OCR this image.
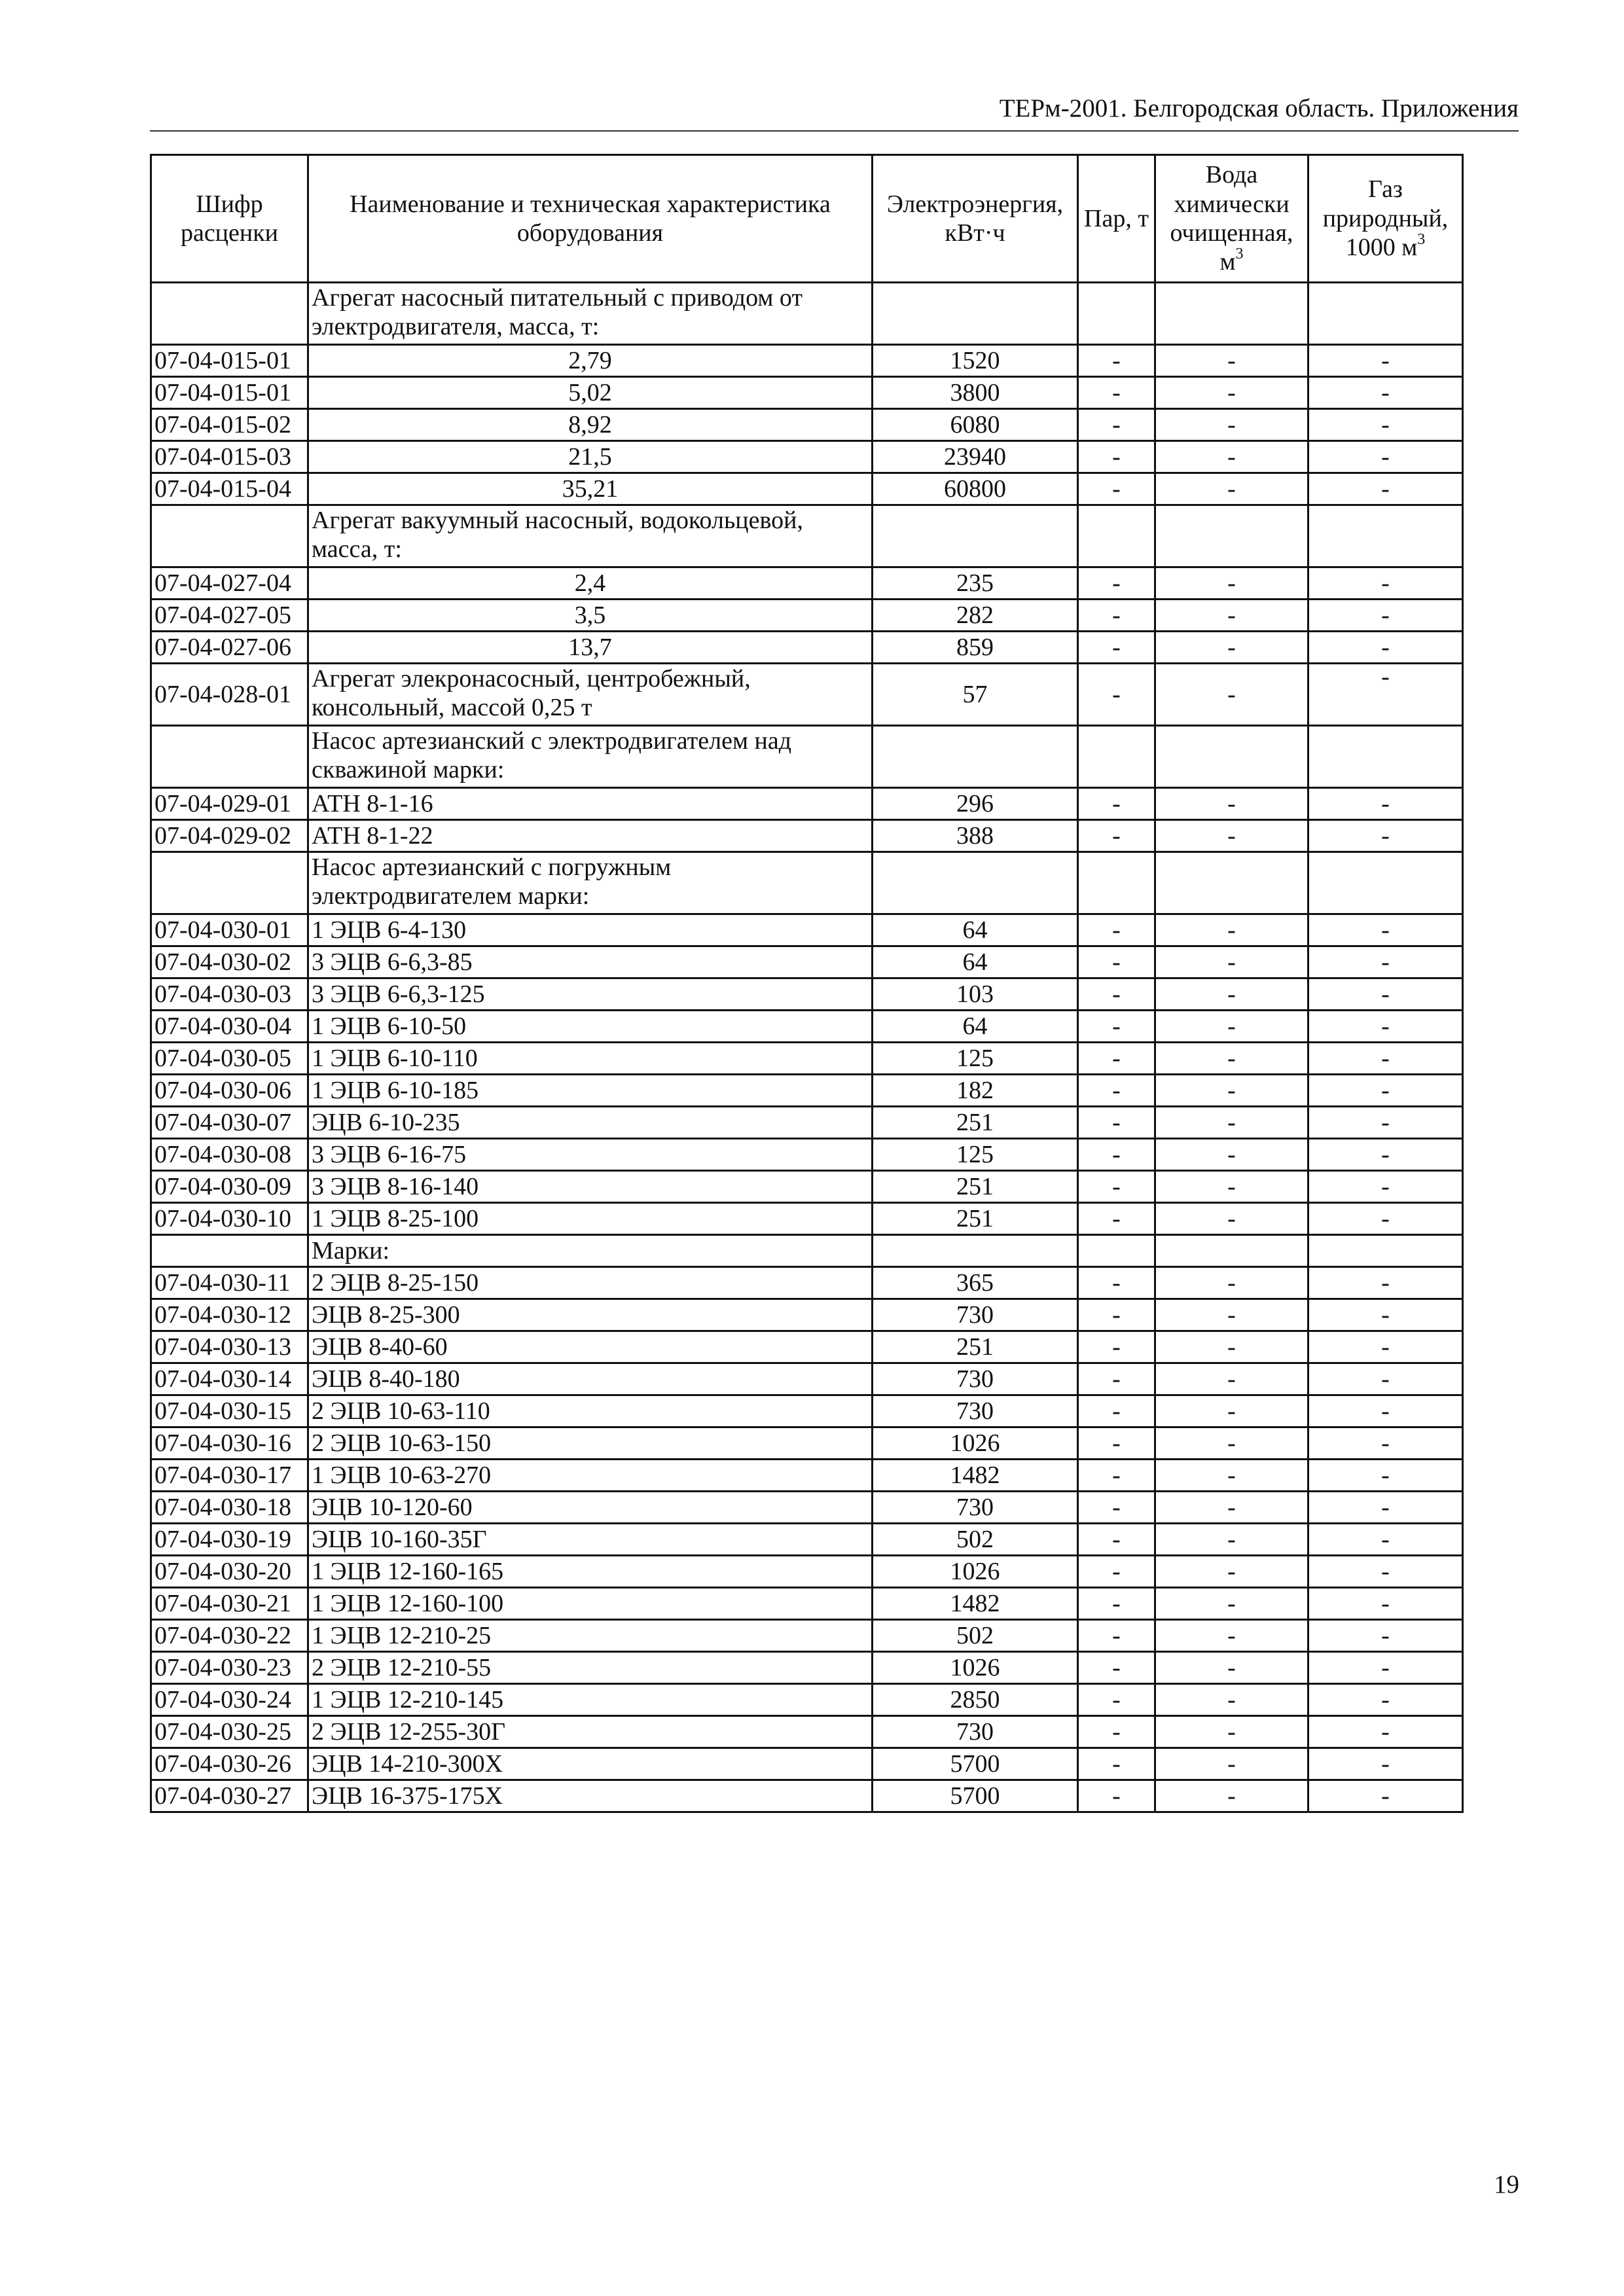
ТЕРм-2001. Белгородская область. Приложения
Шифр расценки	Наименование и техническая характеристика оборудования	Электроэнергия, кВт·ч	Пар, т	Вода химически очищенная, $м^3$	Газ природный, 1000 $м^3$
	Агрегат насосный питательный с приводом от электродвигателя, масса, т:				
07-04-015-01	2,79	1520	-	-	-
07-04-015-01	5,02	3800	-	-	-
07-04-015-02	8,92	6080	-	-	-
07-04-015-03	21,5	23940	-	-	-
07-04-015-04	35,21	60800	-	-	-
	Агрегат вакуумный насосный, водокольцевой, масса, т:				
07-04-027-04	2,4	235	-	-	-
07-04-027-05	3,5	282	-	-	-
07-04-027-06	13,7	859	-	-	-
07-04-028-01	Агрегат элекронасосный, центробежный, консольный, массой 0,25 т	57	-	-	-
	Насос артезианский с электродвигателем над скважиной марки:				
07-04-029-01	АТН 8-1-16	296	-	-	-
07-04-029-02	АТН 8-1-22	388	-	-	-
	Насос артезианский с погружным электродвигателем марки:				
07-04-030-01	1 ЭЦВ 6-4-130	64	-	-	-
07-04-030-02	3 ЭЦВ 6-6,3-85	64	-	-	-
07-04-030-03	3 ЭЦВ 6-6,3-125	103	-	-	-
07-04-030-04	1 ЭЦВ 6-10-50	64	-	-	-
07-04-030-05	1 ЭЦВ 6-10-110	125	-	-	-
07-04-030-06	1 ЭЦВ 6-10-185	182	-	-	-
07-04-030-07	ЭЦВ 6-10-235	251	-	-	-
07-04-030-08	3 ЭЦВ 6-16-75	125	-	-	-
07-04-030-09	3 ЭЦВ 8-16-140	251	-	-	-
07-04-030-10	1 ЭЦВ 8-25-100	251	-	-	-
	Марки:				
07-04-030-11	2 ЭЦВ 8-25-150	365	-	-	-
07-04-030-12	ЭЦВ 8-25-300	730	-	-	-
07-04-030-13	ЭЦВ 8-40-60	251	-	-	-
07-04-030-14	ЭЦВ 8-40-180	730	-	-	-
07-04-030-15	2 ЭЦВ 10-63-110	730	-	-	-
07-04-030-16	2 ЭЦВ 10-63-150	1026	-	-	-
07-04-030-17	1 ЭЦВ 10-63-270	1482	-	-	-
07-04-030-18	ЭЦВ 10-120-60	730	-	-	-
07-04-030-19	ЭЦВ 10-160-35Г	502	-	-	-
07-04-030-20	1 ЭЦВ 12-160-165	1026	-	-	-
07-04-030-21	1 ЭЦВ 12-160-100	1482	-	-	-
07-04-030-22	1 ЭЦВ 12-210-25	502	-	-	-
07-04-030-23	2 ЭЦВ 12-210-55	1026	-	-	-
07-04-030-24	1 ЭЦВ 12-210-145	2850	-	-	-
07-04-030-25	2 ЭЦВ 12-255-30Г	730	-	-	-
07-04-030-26	ЭЦВ 14-210-300Х	5700	-	-	-
07-04-030-27	ЭЦВ 16-375-175Х	5700	-	-	-
19
